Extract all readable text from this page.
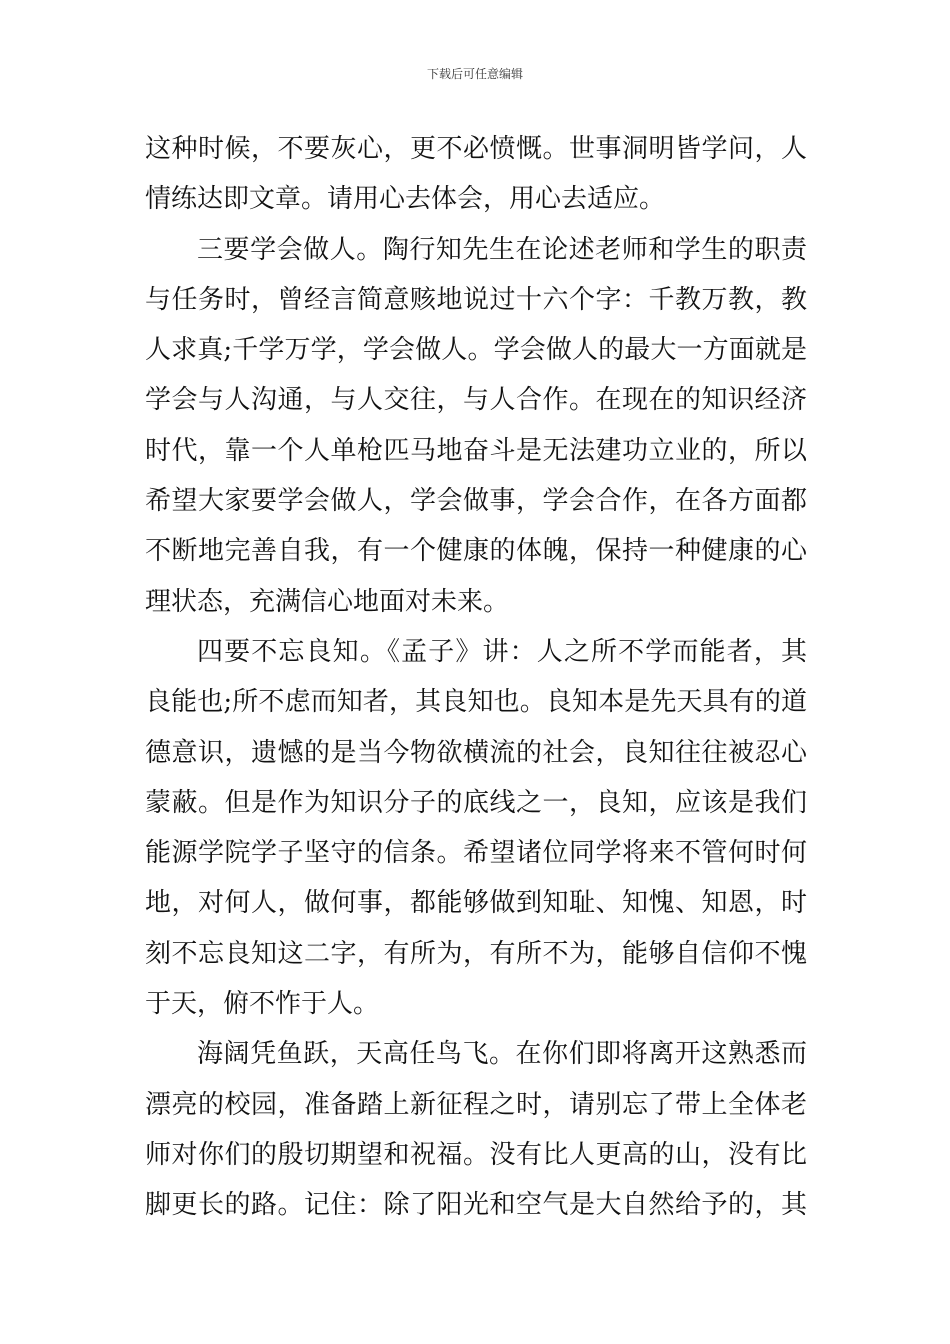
下载后可任意编辑
这种时候，不要灰心，更不必愤慨。世事洞明皆学问，人
情练达即文章。请用心去体会，用心去适应。
三要学会做人。陶行知先生在论述老师和学生的职责
与任务时，曾经言简意赅地说过十六个字：千教万教，教
人求真;千学万学，学会做人。学会做人的最大一方面就是
学会与人沟通，与人交往，与人合作。在现在的知识经济
时代，靠一个人单枪匹马地奋斗是无法建功立业的，所以
希望大家要学会做人，学会做事，学会合作，在各方面都
不断地完善自我，有一个健康的体魄，保持一种健康的心
理状态，充满信心地面对未来。
四要不忘良知。《孟子》讲：人之所不学而能者，其
良能也;所不虑而知者，其良知也。良知本是先天具有的道
德意识，遗憾的是当今物欲横流的社会，良知往往被忍心
蒙蔽。但是作为知识分子的底线之一，良知，应该是我们
能源学院学子坚守的信条。希望诸位同学将来不管何时何
地，对何人，做何事，都能够做到知耻、知愧、知恩，时
刻不忘良知这二字，有所为，有所不为，能够自信仰不愧
于天，俯不怍于人。
海阔凭鱼跃，天高任鸟飞。在你们即将离开这熟悉而
漂亮的校园，准备踏上新征程之时，请别忘了带上全体老
师对你们的殷切期望和祝福。没有比人更高的山，没有比
脚更长的路。记住：除了阳光和空气是大自然给予的，其
